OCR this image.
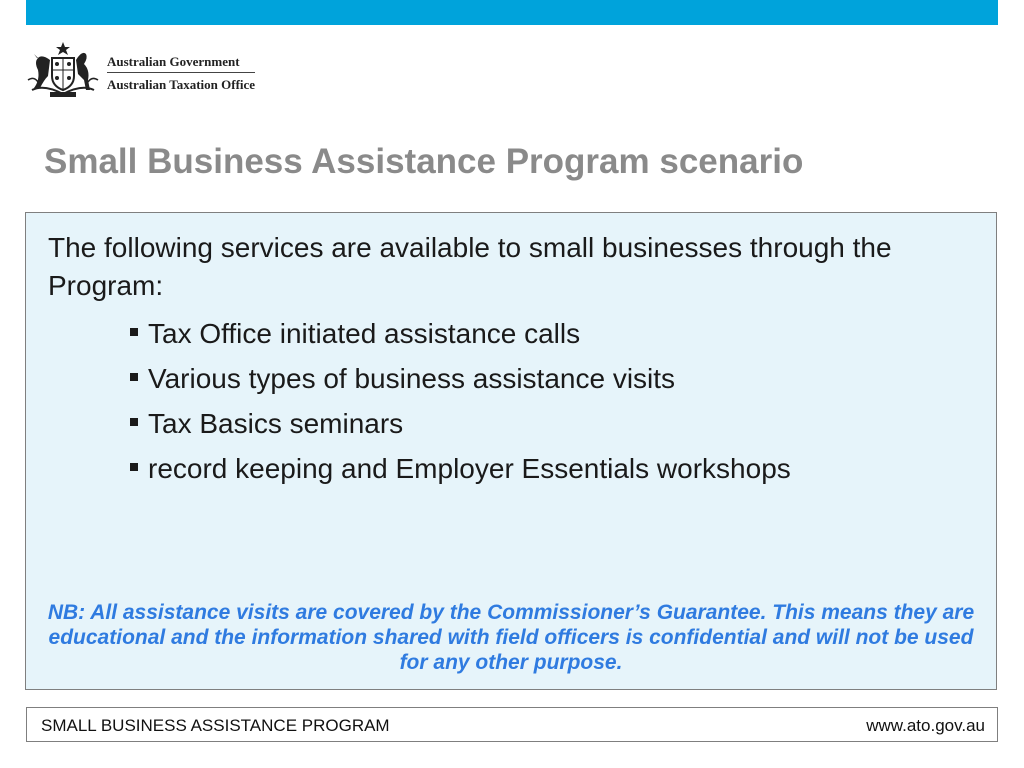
Australian Government
Australian Taxation Office
Small Business Assistance Program scenario

The following services are available to small businesses through the Program:

Tax Office initiated assistance calls
Various types of business assistance visits
Tax Basics seminars
record keeping and Employer Essentials workshops

NB: All assistance visits are covered by the Commissioner’s Guarantee. This means they are educational and the information shared with field officers is confidential and will not be used for any other purpose.

SMALL BUSINESS ASSISTANCE PROGRAM	www.ato.gov.au
